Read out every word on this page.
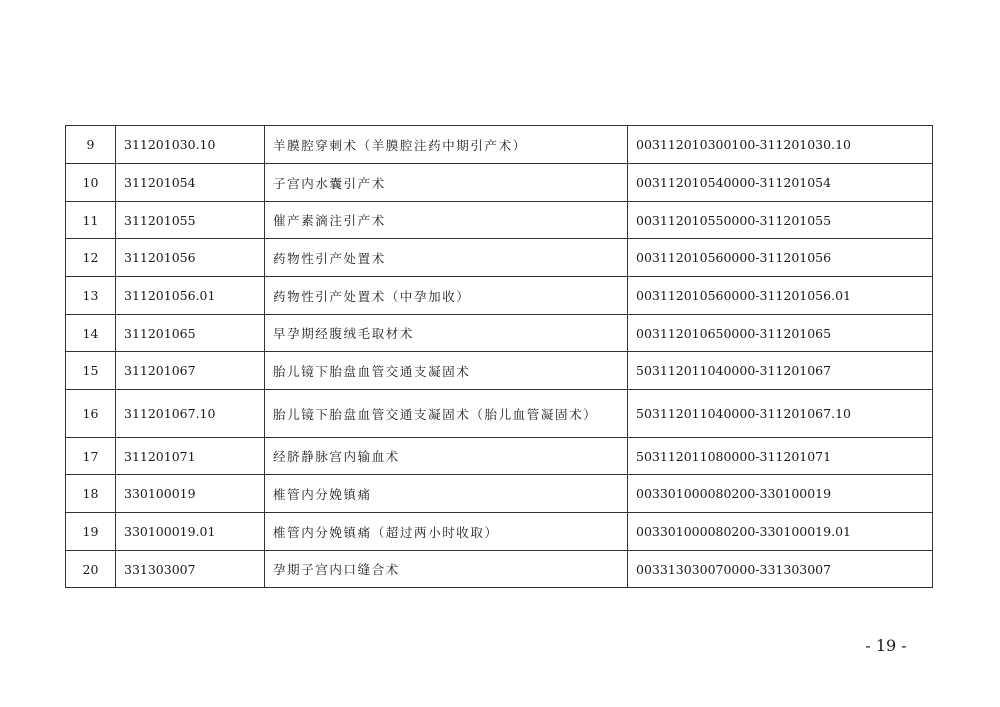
9	311201030.10	羊膜腔穿刺术（羊膜腔注药中期引产术）	003112010300100-311201030.10
10	311201054	子宫内水囊引产术	003112010540000-311201054
11	311201055	催产素滴注引产术	003112010550000-311201055
12	311201056	药物性引产处置术	003112010560000-311201056
13	311201056.01	药物性引产处置术（中孕加收）	003112010560000-311201056.01
14	311201065	早孕期经腹绒毛取材术	003112010650000-311201065
15	311201067	胎儿镜下胎盘血管交通支凝固术	503112011040000-311201067
16	311201067.10	胎儿镜下胎盘血管交通支凝固术（胎儿血管凝固术）	503112011040000-311201067.10
17	311201071	经脐静脉宫内输血术	503112011080000-311201071
18	330100019	椎管内分娩镇痛	003301000080200-330100019
19	330100019.01	椎管内分娩镇痛（超过两小时收取）	003301000080200-330100019.01
20	331303007	孕期子宫内口缝合术	003313030070000-331303007
- 19 -
